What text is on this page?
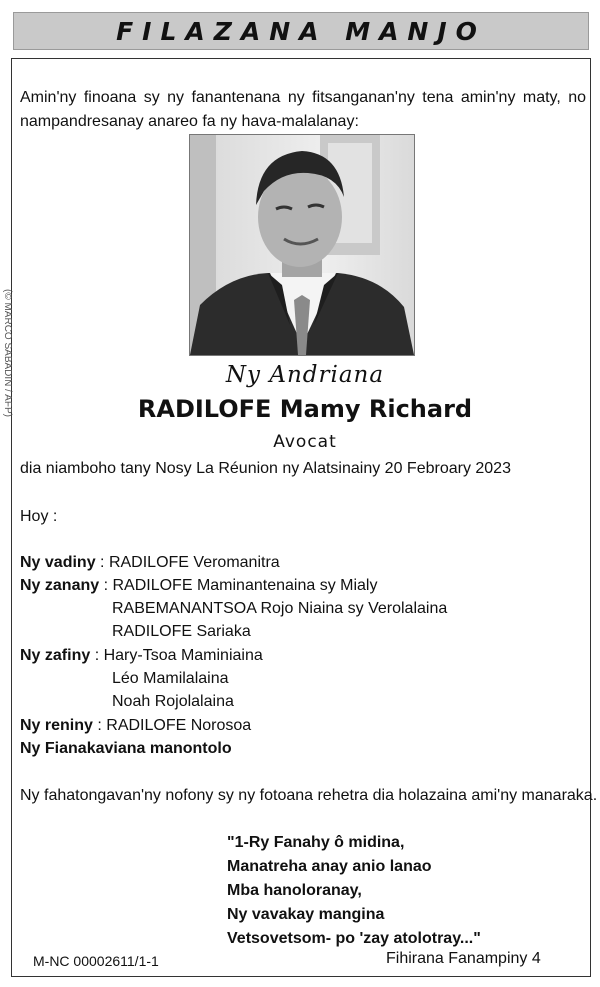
FILAZANA MANJO
(© MARCO SABADIN / AFP)
Amin'ny finoana sy ny fanantenana ny fitsanganan'ny tena amin'ny maty, no nampandresanay anareo fa ny hava-malalanay:
Ny Andriana
RADILOFE Mamy Richard
Avocat
dia niamboho tany Nosy La Réunion ny Alatsinainy 20 Febroary 2023
Hoy :
Ny vadiny : RADILOFE Veromanitra
Ny zanany : RADILOFE Maminantenaina sy Mialy
RABEMANANTSOA Rojo Niaina sy Verolalaina
RADILOFE Sariaka
Ny zafiny : Hary-Tsoa Maminiaina
Léo Mamilalaina
Noah Rojolalaina
Ny reniny : RADILOFE Norosoa
Ny Fianakaviana manontolo
Ny fahatongavan'ny nofony sy ny fotoana rehetra dia holazaina ami'ny manaraka.
"1-Ry Fanahy ô midina,
Manatreha anay anio lanao
Mba hanoloranay,
Ny vavakay mangina
Vetsovetsom- po 'zay atolotray..."
M-NC 00002611/1-1	Fihirana Fanampiny 4
